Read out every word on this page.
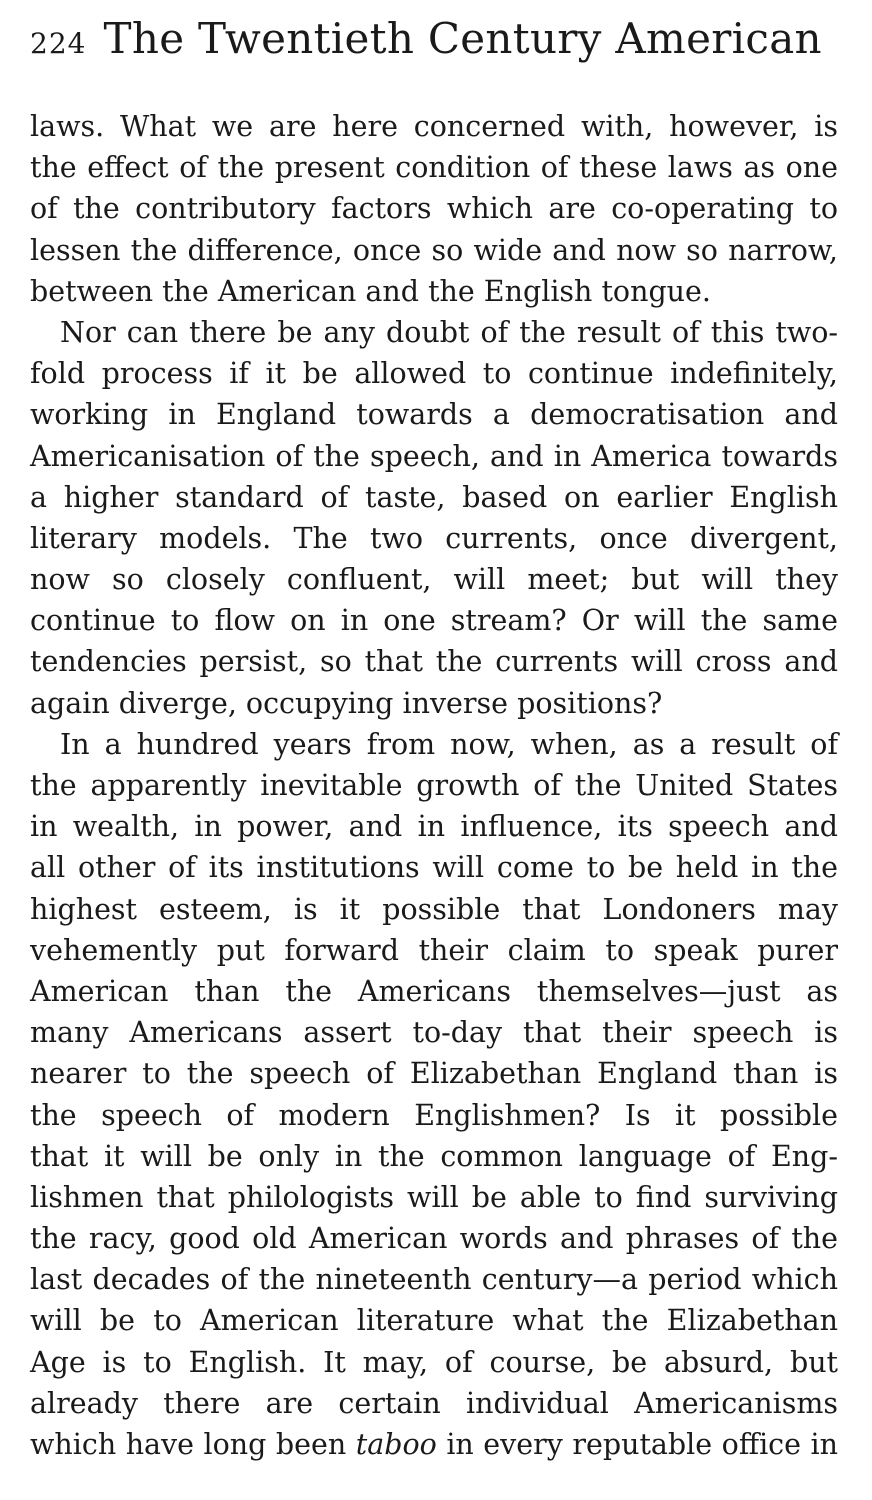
224 The Twentieth Century American
laws. What we are here concerned with, however, is
the effect of the present condition of these laws as one
of the contributory factors which are co-operating to
lessen the difference, once so wide and now so narrow,
between the American and the English tongue.
Nor can there be any doubt of the result of this two-
fold process if it be allowed to continue indefinitely,
working in England towards a democratisation and
Americanisation of the speech, and in America towards
a higher standard of taste, based on earlier English
literary models. The two currents, once divergent,
now so closely confluent, will meet; but will they
continue to flow on in one stream? Or will the same
tendencies persist, so that the currents will cross and
again diverge, occupying inverse positions?
In a hundred years from now, when, as a result of
the apparently inevitable growth of the United States
in wealth, in power, and in influence, its speech and
all other of its institutions will come to be held in the
highest esteem, is it possible that Londoners may
vehemently put forward their claim to speak purer
American than the Americans themselves—just as
many Americans assert to-day that their speech is
nearer to the speech of Elizabethan England than is
the speech of modern Englishmen? Is it possible
that it will be only in the common language of Eng-
lishmen that philologists will be able to find surviving
the racy, good old American words and phrases of the
last decades of the nineteenth century—a period which
will be to American literature what the Elizabethan
Age is to English. It may, of course, be absurd, but
already there are certain individual Americanisms
which have long been taboo in every reputable office in
